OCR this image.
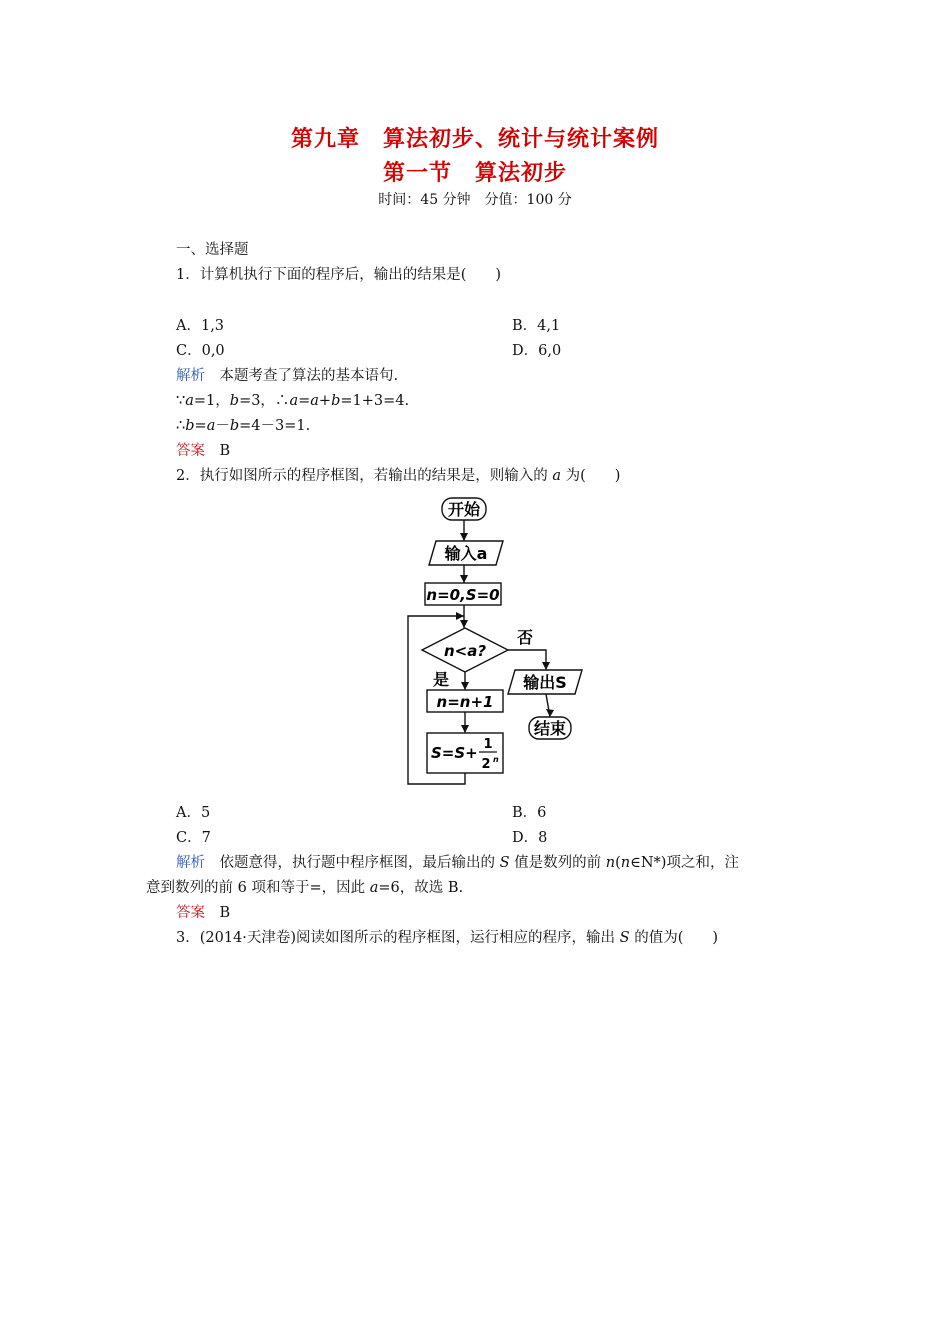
第九章　算法初步、统计与统计案例
第一节　算法初步
时间：45 分钟　分值：100 分
一、选择题
1．计算机执行下面的程序后，输出的结果是(　　)
A．1,3	B．4,1
C．0,0	D．6,0
解析　 本题考查了算法的基本语句.
∵a=1，b=3，∴a=a+b=1+3=4.
∴b=a－b=4－3=1.
答案　 B
2．执行如图所示的程序框图，若输出的结果是，则输入的 a 为(　　)
开始
输入a
n=0,S=0
n<a?
否
是
n=n+1
S=S+ 1
2 n
输出S
结束
A．5	B．6
C．7	D．8
解析　 依题意得，执行题中程序框图，最后输出的 S 值是数列的前 n(n∈N*)项之和，注
意到数列的前 6 项和等于=，因此 a=6，故选 B.
答案　 B
3．(2014·天津卷)阅读如图所示的程序框图，运行相应的程序，输出 S 的值为(　　)
